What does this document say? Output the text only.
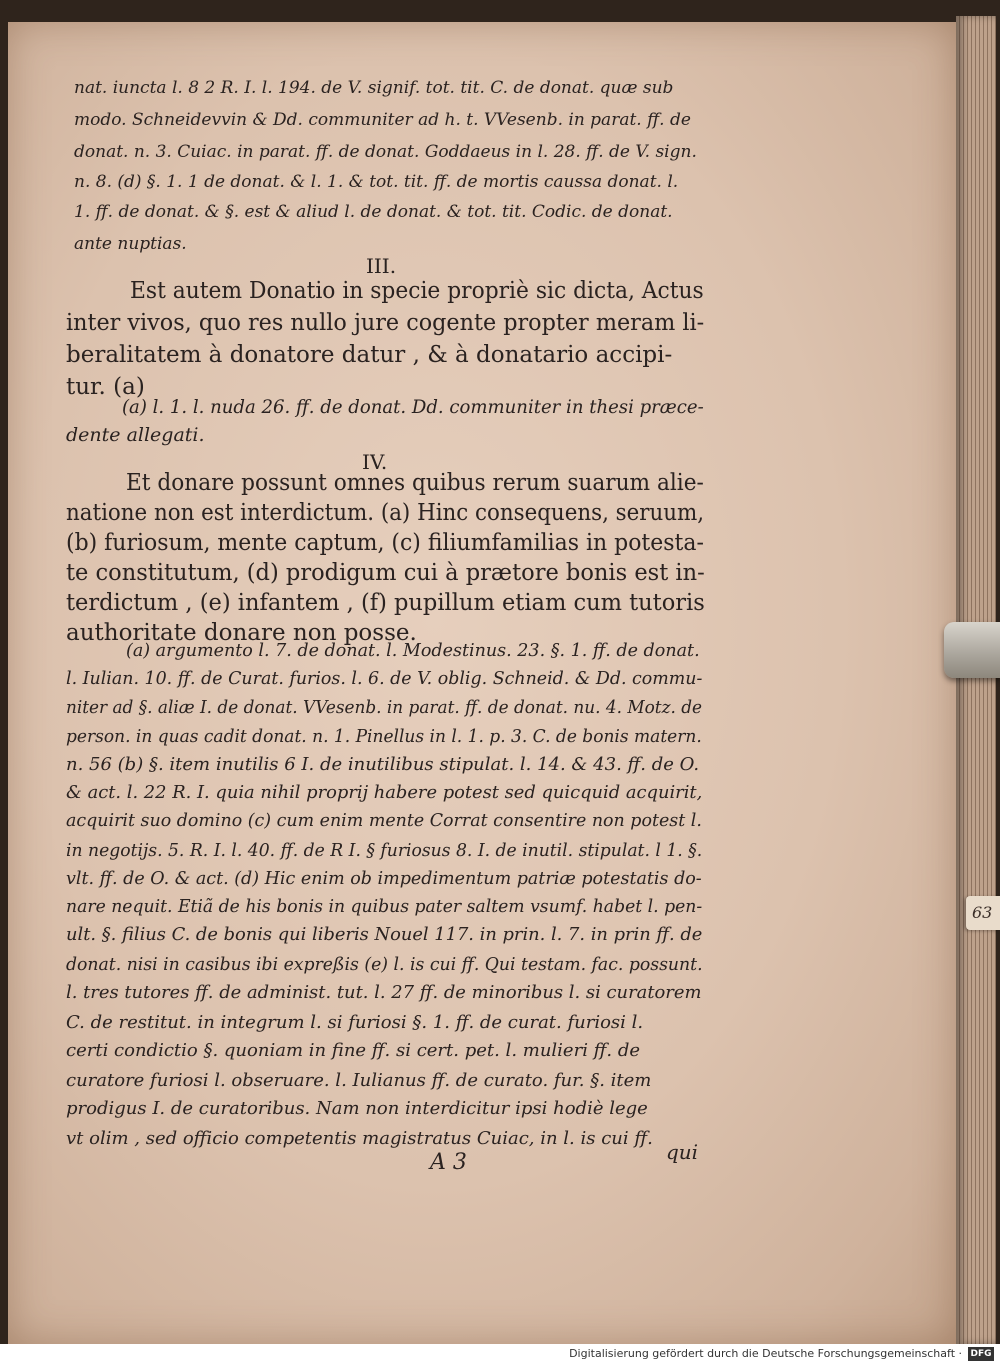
63
nat. iuncta l. 8 2 R. I. l. 194. de V. signif. tot. tit. C. de donat. quæ sub
modo. Schneidevvin & Dd. communiter ad h. t. VVesenb. in parat. ff. de
donat. n. 3. Cuiac. in parat. ff. de donat. Goddaeus in l. 28. ff. de V. sign.
n. 8. (d) §. 1. 1 de donat. & l. 1. & tot. tit. ff. de mortis caussa donat. l.
1. ff. de donat. & §. est & aliud l. de donat. & tot. tit. Codic. de donat.
ante nuptias.
III.
Est autem Donatio in specie propriè sic dicta, Actus
inter vivos, quo res nullo jure cogente propter meram li-
beralitatem à donatore datur , & à donatario accipi-
tur. (a)
(a) l. 1. l. nuda 26. ff. de donat. Dd. communiter in thesi præce-
dente allegati.
IV.
Et donare possunt omnes quibus rerum suarum alie-
natione non est interdictum. (a) Hinc consequens, seruum,
(b) furiosum, mente captum, (c) filiumfamilias in potesta-
te constitutum, (d) prodigum cui à prætore bonis est in-
terdictum , (e) infantem , (f) pupillum etiam cum tutoris
authoritate donare non posse.
(a) argumento l. 7. de donat. l. Modestinus. 23. §. 1. ff. de donat.
l. Iulian. 10. ff. de Curat. furios. l. 6. de V. oblig. Schneid. & Dd. commu-
niter ad §. aliæ I. de donat. VVesenb. in parat. ff. de donat. nu. 4. Motz. de
person. in quas cadit donat. n. 1. Pinellus in l. 1. p. 3. C. de bonis matern.
n. 56 (b) §. item inutilis 6 I. de inutilibus stipulat. l. 14. & 43. ff. de O.
& act. l. 22 R. I. quia nihil proprij habere potest sed quicquid acquirit,
acquirit suo domino (c) cum enim mente Corrat consentire non potest l.
in negotijs. 5. R. I. l. 40. ff. de R I. § furiosus 8. I. de inutil. stipulat. l 1. §.
vlt. ff. de O. & act. (d) Hic enim ob impedimentum patriæ potestatis do-
nare nequit. Etiã de his bonis in quibus pater saltem vsumf. habet l. pen-
ult. §. filius C. de bonis qui liberis Nouel 117. in prin. l. 7. in prin ff. de
donat. nisi in casibus ibi expreßis (e) l. is cui ff. Qui testam. fac. possunt.
l. tres tutores ff. de administ. tut. l. 27 ff. de minoribus l. si curatorem
C. de restitut. in integrum l. si furiosi §. 1. ff. de curat. furiosi l.
certi condictio §. quoniam in fine ff. si cert. pet. l. mulieri ff. de
curatore furiosi l. obseruare. l. Iulianus ff. de curato. fur. §. item
prodigus I. de curatoribus. Nam non interdicitur ipsi hodiè lege
vt olim , sed officio competentis magistratus Cuiac, in l. is cui ff.
A 3	qui
Digitalisierung gefördert durch die Deutsche Forschungsgemeinschaft · DFG
